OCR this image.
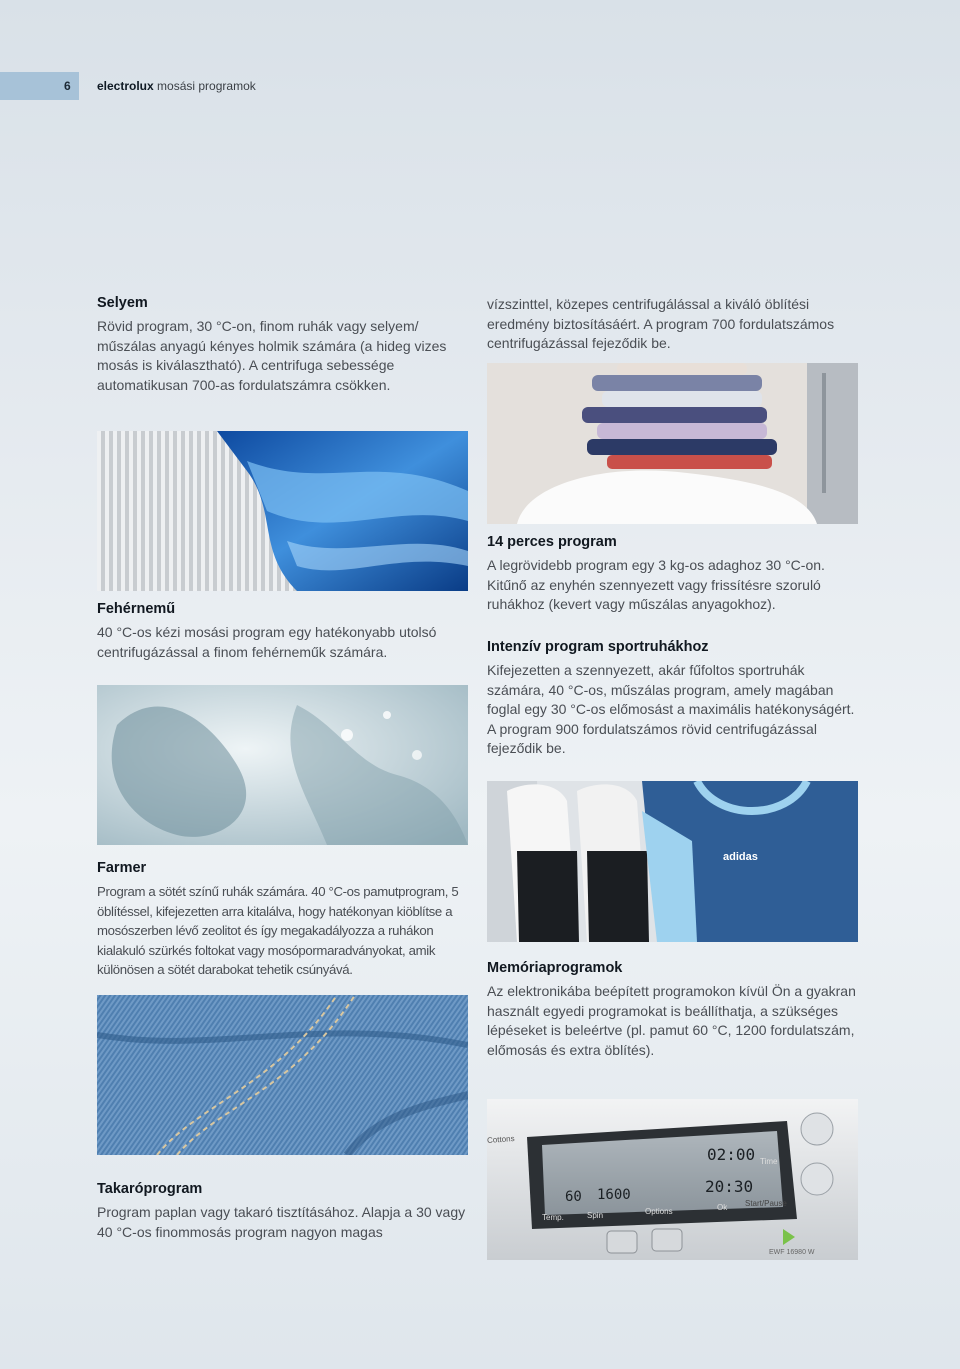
6 electrolux mosási programok
Selyem

Rövid program, 30 °C-on, finom ruhák vagy selyem/ műszálas anyagú kényes holmik számára (a hideg vizes mosás is kiválasztható). A centrifuga sebessége automatikusan 700-as fordulatszámra csökken.

Fehérnemű

40 °C-os kézi mosási program egy hatékonyabb utolsó centrifugázással a finom fehérneműk számára.

Farmer

Program a sötét színű ruhák számára. 40 °C-os pamutprogram, 5 öblítéssel, kifejezetten arra kitalálva, hogy hatékonyan kiöblítse a mosószerben lévő zeolitot és így megakadályozza a ruhákon kialakuló szürkés foltokat vagy mosópormaradványokat, amik különösen a sötét darabokat tehetik csúnyává.

Takaróprogram

Program paplan vagy takaró tisztításához. Alapja a 30 vagy 40 °C-os finommosás program nagyon magas

vízszinttel, közepes centrifugálással a kiváló öblítési eredmény biztosításáért. A program 700 fordulatszámos centrifugázással fejeződik be.

14 perces program

A legrövidebb program egy 3 kg-os adaghoz 30 °C-on. Kitűnő az enyhén szennyezett vagy frissítésre szoruló ruhákhoz (kevert vagy műszálas anyagokhoz).

Intenzív program sportruhákhoz

Kifejezetten a szennyezett, akár fűfoltos sportruhák számára, 40 °C-os, műszálas program, amely magában foglal egy 30 °C-os előmosást a maximális hatékonyságért. A program 900 fordulatszámos rövid centrifugázással fejeződik be.

adidas
Memóriaprogramok

Az elektronikába beépített programokon kívül Ön a gyakran használt egyedi programokat is beállíthatja, a szükséges lépéseket is beleértve (pl. pamut 60 °C, 1200 fordulatszám, előmosás és extra öblítés).

Cottons
Time
60 1600
02:00
20:30
Temp.	Spin	Options	Ok Start/Pause
EWF 16980 W
